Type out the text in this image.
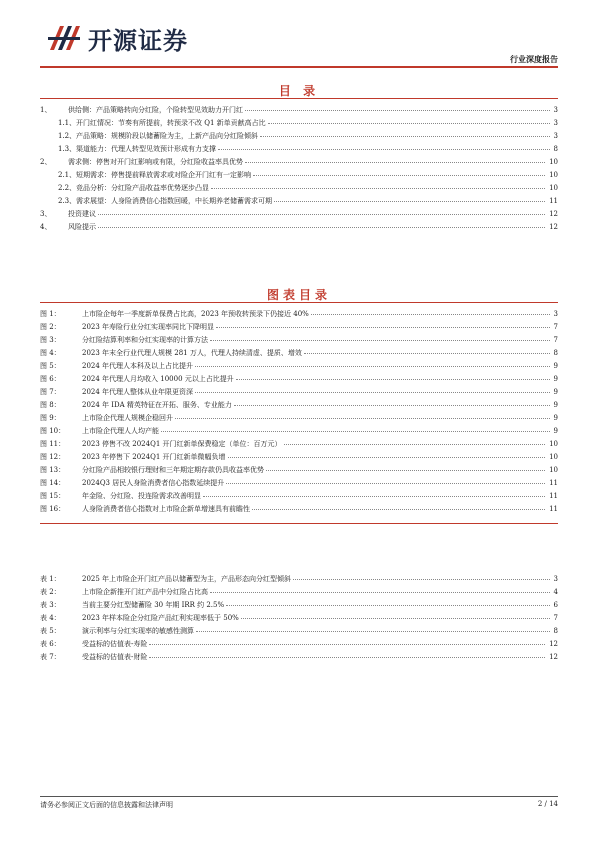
开源证券
行业深度报告
目 录
1、	供给侧：产品策略转向分红险，个险转型见效助力开门红	3
1.1、 开门红情况：节奏有所提前，转预录不改 Q1 新单贡献高占比	3
1.2、 产品策略：规模阶段以储蓄险为主，上新产品向分红险倾斜	3
1.3、 渠道能力：代理人转型见效预计形成有力支撑	8
2、	需求侧：停售对开门红影响或有限，分红险收益率具优势	10
2.1、 短期需求：停售提前释放需求或对险企开门红有一定影响	10
2.2、 竞品分析：分红险产品收益率优势逐步凸显	10
2.3、 需求展望：人身险消费信心指数回暖，中长期养老储蓄需求可期	11
3、	投资建议	12
4、	风险提示	12
图表目录
图 1：	上市险企每年一季度新单保费占比高，2023 年预收转预录下仍接近 40%	3
图 2：	2023 年寿险行业分红实现率同比下降明显	7
图 3：	分红险结算利率和分红实现率的计算方法	7
图 4：	2023 年末全行业代理人规模 281 万人，代理人持续清虚、提质、增效	8
图 5：	2024 年代理人本科及以上占比提升	9
图 6：	2024 年代理人月均收入 10000 元以上占比提升	9
图 7：	2024 年代理人整体从业年限更资深	9
图 8：	2024 年 IDA 精英特征在开拓、服务、专业能力	9
图 9：	上市险企代理人规模企稳回升	9
图 10：	上市险企代理人人均产能	9
图 11：	2023 停售不改 2024Q1 开门红新单保费稳定（单位：百万元）	10
图 12：	2023 年停售下 2024Q1 开门红新单微幅负增	10
图 13：	分红险产品相较银行理财和三年期定期存款仍具收益率优势	10
图 14：	2024Q3 居民人身险消费者信心指数延续提升	11
图 15：	年金险、分红险、投连险需求改善明显	11
图 16：	人身险消费者信心指数对上市险企新单增速具有前瞻性	11
表 1：	2025 年上市险企开门红产品以储蓄型为主，产品形态向分红型倾斜	3
表 2：	上市险企新推开门红产品中分红险占比高	4
表 3：	当前主要分红型储蓄险 30 年期 IRR 约 2.5%	6
表 4：	2023 年样本险企分红险产品红利实现率低于 50%	7
表 5：	演示利率与分红实现率的敏感性测算	8
表 6：	受益标的估值表-寿险	12
表 7：	受益标的估值表-财险	12
请务必参阅正文后面的信息披露和法律声明	2 / 14
